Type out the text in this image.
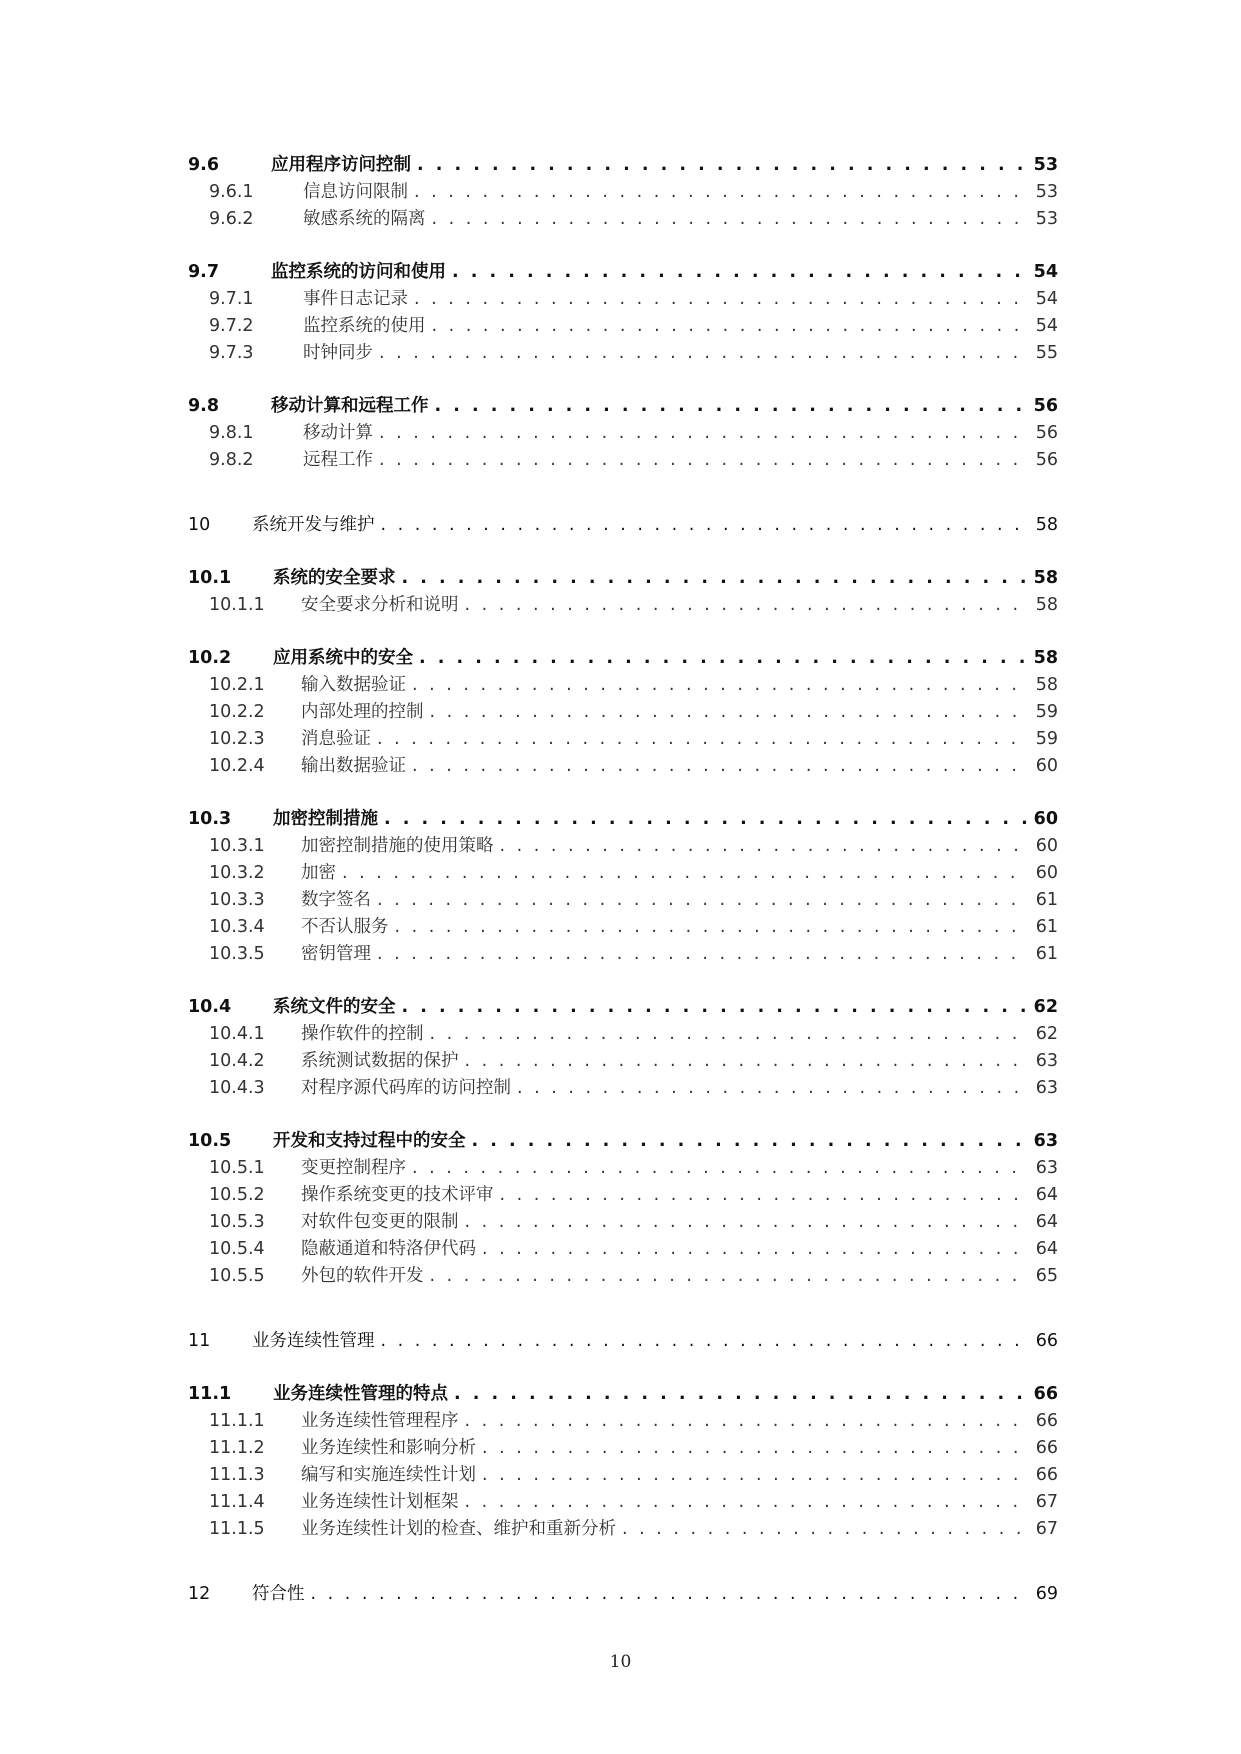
9.6	应用程序访问控制 . . .	53
9.6.1	信息访问限制 . . .	53
9.6.2	敏感系统的隔离 . . .	53
9.7	监控系统的访问和使用 . . .	54
9.7.1	事件日志记录 . . .	54
9.7.2	监控系统的使用 . . .	54
9.7.3	时钟同步 . . .	55
9.8	移动计算和远程工作 . . .	56
9.8.1	移动计算 . . .	56
9.8.2	远程工作 . . .	56
10	系统开发与维护 . . .	58
10.1	系统的安全要求 . . .	58
10.1.1	安全要求分析和说明 . . .	58
10.2	应用系统中的安全 . . .	58
10.2.1	输入数据验证 . . .	58
10.2.2	内部处理的控制 . . .	59
10.2.3	消息验证 . . .	59
10.2.4	输出数据验证 . . .	60
10.3	加密控制措施 . . .	60
10.3.1	加密控制措施的使用策略 . . .	60
10.3.2	加密 . . .	60
10.3.3	数字签名 . . .	61
10.3.4	不否认服务 . . .	61
10.3.5	密钥管理 . . .	61
10.4	系统文件的安全 . . .	62
10.4.1	操作软件的控制 . . .	62
10.4.2	系统测试数据的保护 . . .	63
10.4.3	对程序源代码库的访问控制 . . .	63
10.5	开发和支持过程中的安全 . . .	63
10.5.1	变更控制程序 . . .	63
10.5.2	操作系统变更的技术评审 . . .	64
10.5.3	对软件包变更的限制 . . .	64
10.5.4	隐蔽通道和特洛伊代码 . . .	64
10.5.5	外包的软件开发 . . .	65
11	业务连续性管理 . . .	66
11.1	业务连续性管理的特点 . . .	66
11.1.1	业务连续性管理程序 . . .	66
11.1.2	业务连续性和影响分析 . . .	66
11.1.3	编写和实施连续性计划 . . .	66
11.1.4	业务连续性计划框架 . . .	67
11.1.5	业务连续性计划的检查、维护和重新分析 . . .	67
12	符合性 . . .	69
10
